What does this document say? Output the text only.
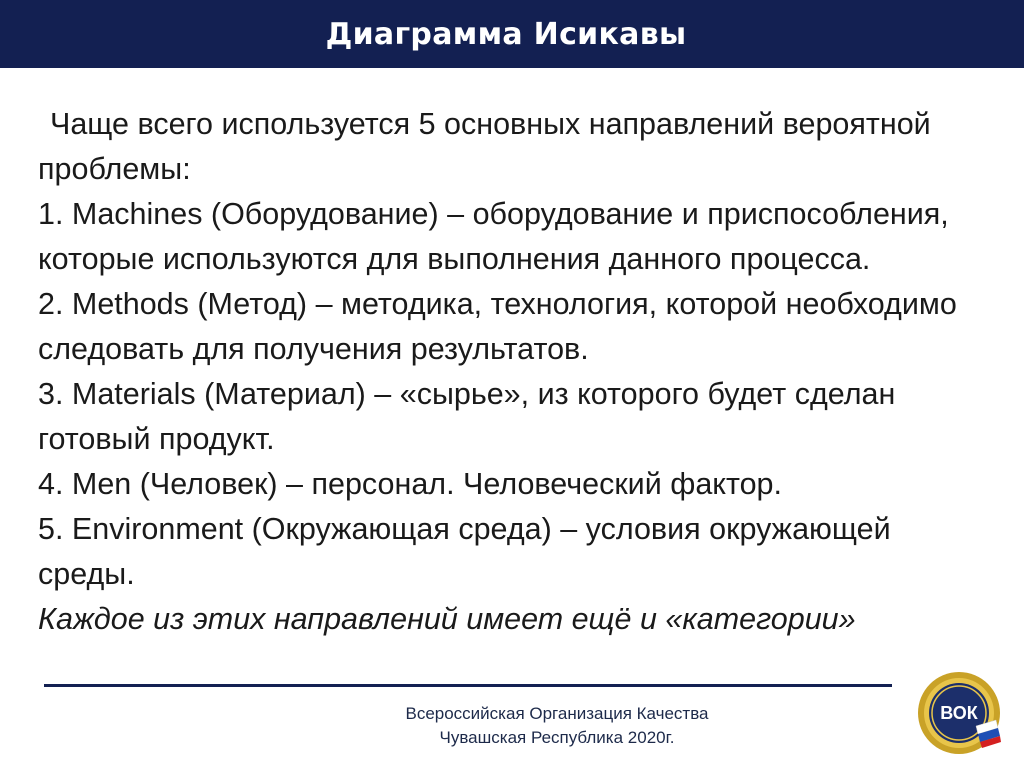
Диаграмма Исикавы

Чаще всего используется 5 основных направлений вероятной проблемы:

1. Machines (Оборудование) – оборудование и приспособления, которые используются для выполнения данного процесса.

2. Methods (Метод) – методика, технология, которой необходимо следовать для получения результатов.

3. Materials (Материал) – «сырье», из которого будет сделан готовый продукт.

4. Men (Человек) – персонал. Человеческий фактор.

5. Environment (Окружающая среда) – условия окружающей среды.

Каждое из этих направлений имеет ещё и «категории»

Всероссийская Организация Качества
Чувашская Республика 2020г.
ВОК
